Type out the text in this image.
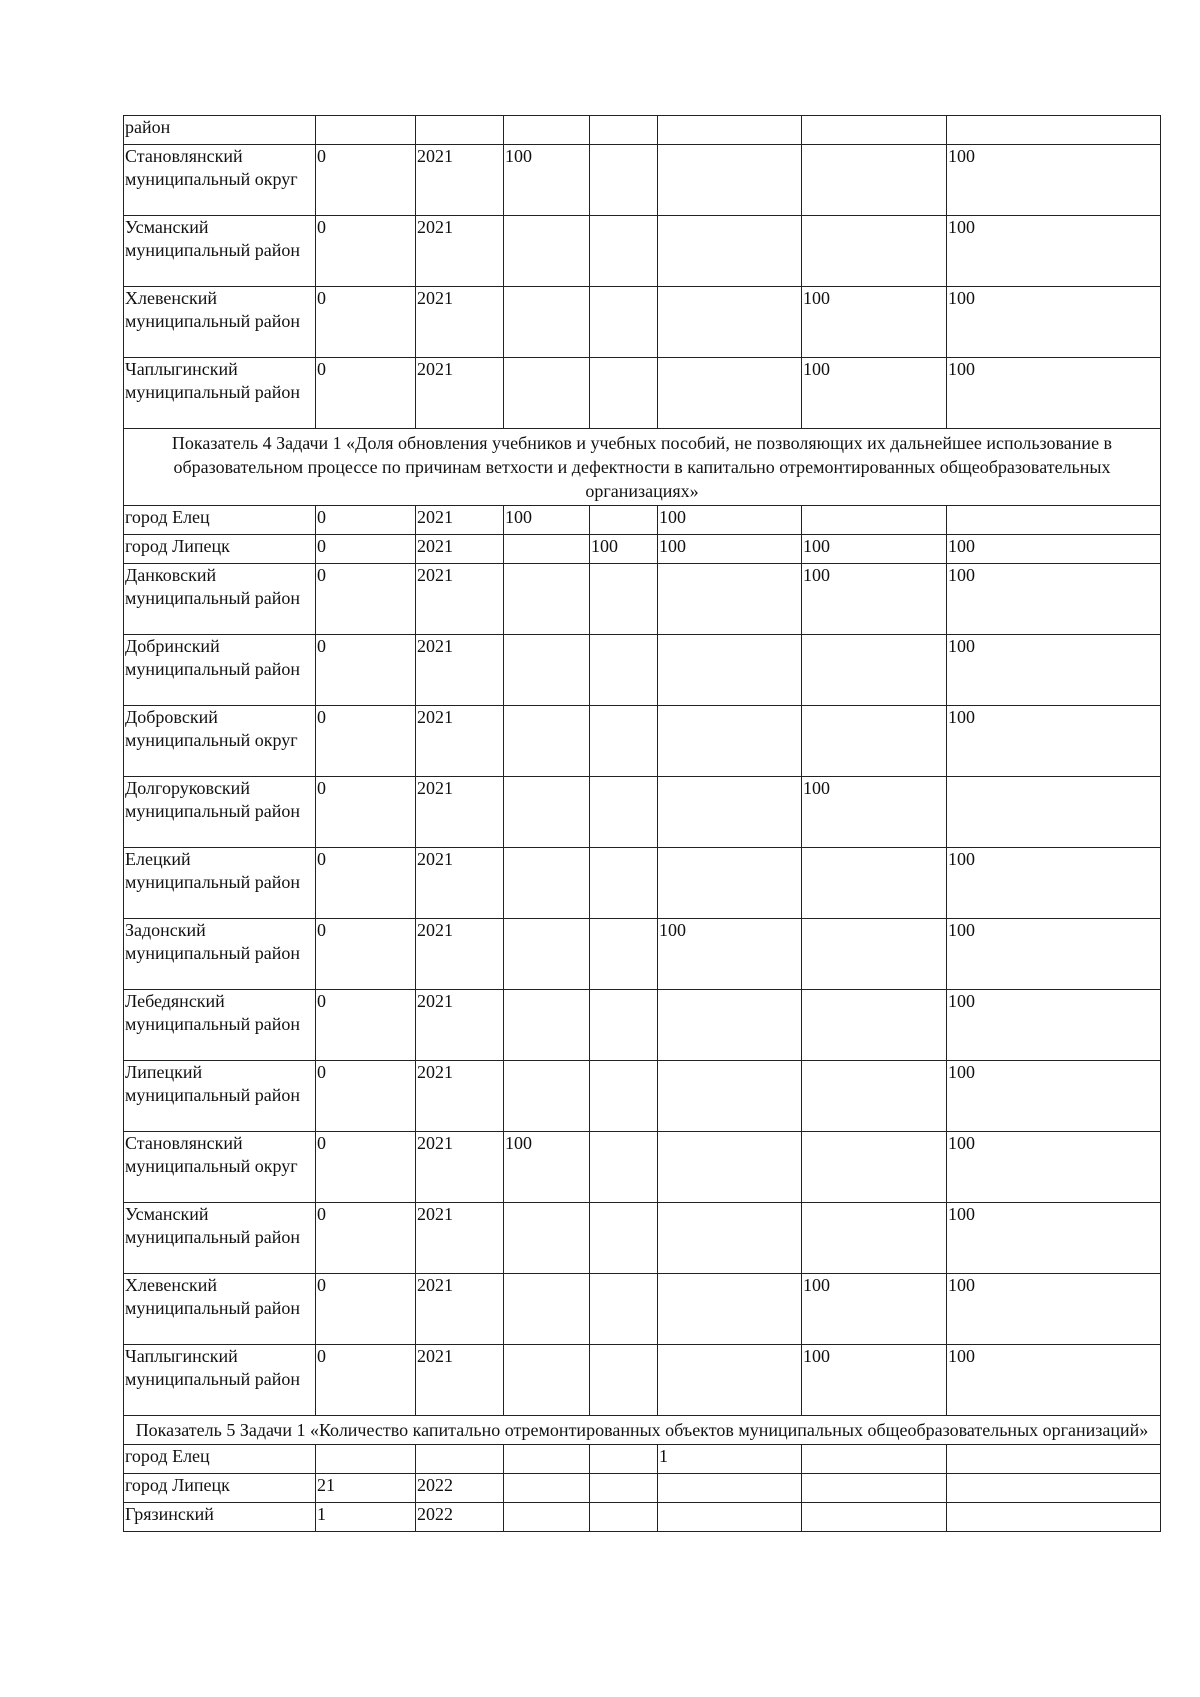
район							
Становлянский муниципальный округ	0	2021	100				100
Усманский муниципальный район	0	2021					100
Хлевенский муниципальный район	0	2021				100	100
Чаплыгинский муниципальный район	0	2021				100	100
Показатель 4 Задачи 1 «Доля обновления учебников и учебных пособий, не позволяющих их дальнейшее использование в образовательном процессе по причинам ветхости и дефектности в капитально отремонтированных общеобразовательных организациях»							
город Елец	0	2021	100		100		
город Липецк	0	2021		100	100	100	100
Данковский муниципальный район	0	2021				100	100
Добринский муниципальный район	0	2021					100
Добровский муниципальный округ	0	2021					100
Долгоруковский муниципальный район	0	2021				100	
Елецкий муниципальный район	0	2021					100
Задонский муниципальный район	0	2021			100		100
Лебедянский муниципальный район	0	2021					100
Липецкий муниципальный район	0	2021					100
Становлянский муниципальный округ	0	2021	100				100
Усманский муниципальный район	0	2021					100
Хлевенский муниципальный район	0	2021				100	100
Чаплыгинский муниципальный район	0	2021				100	100
Показатель 5 Задачи 1 «Количество капитально отремонтированных объектов муниципальных общеобразовательных организаций»							
город Елец					1		
город Липецк	21	2022					
Грязинский	1	2022					
